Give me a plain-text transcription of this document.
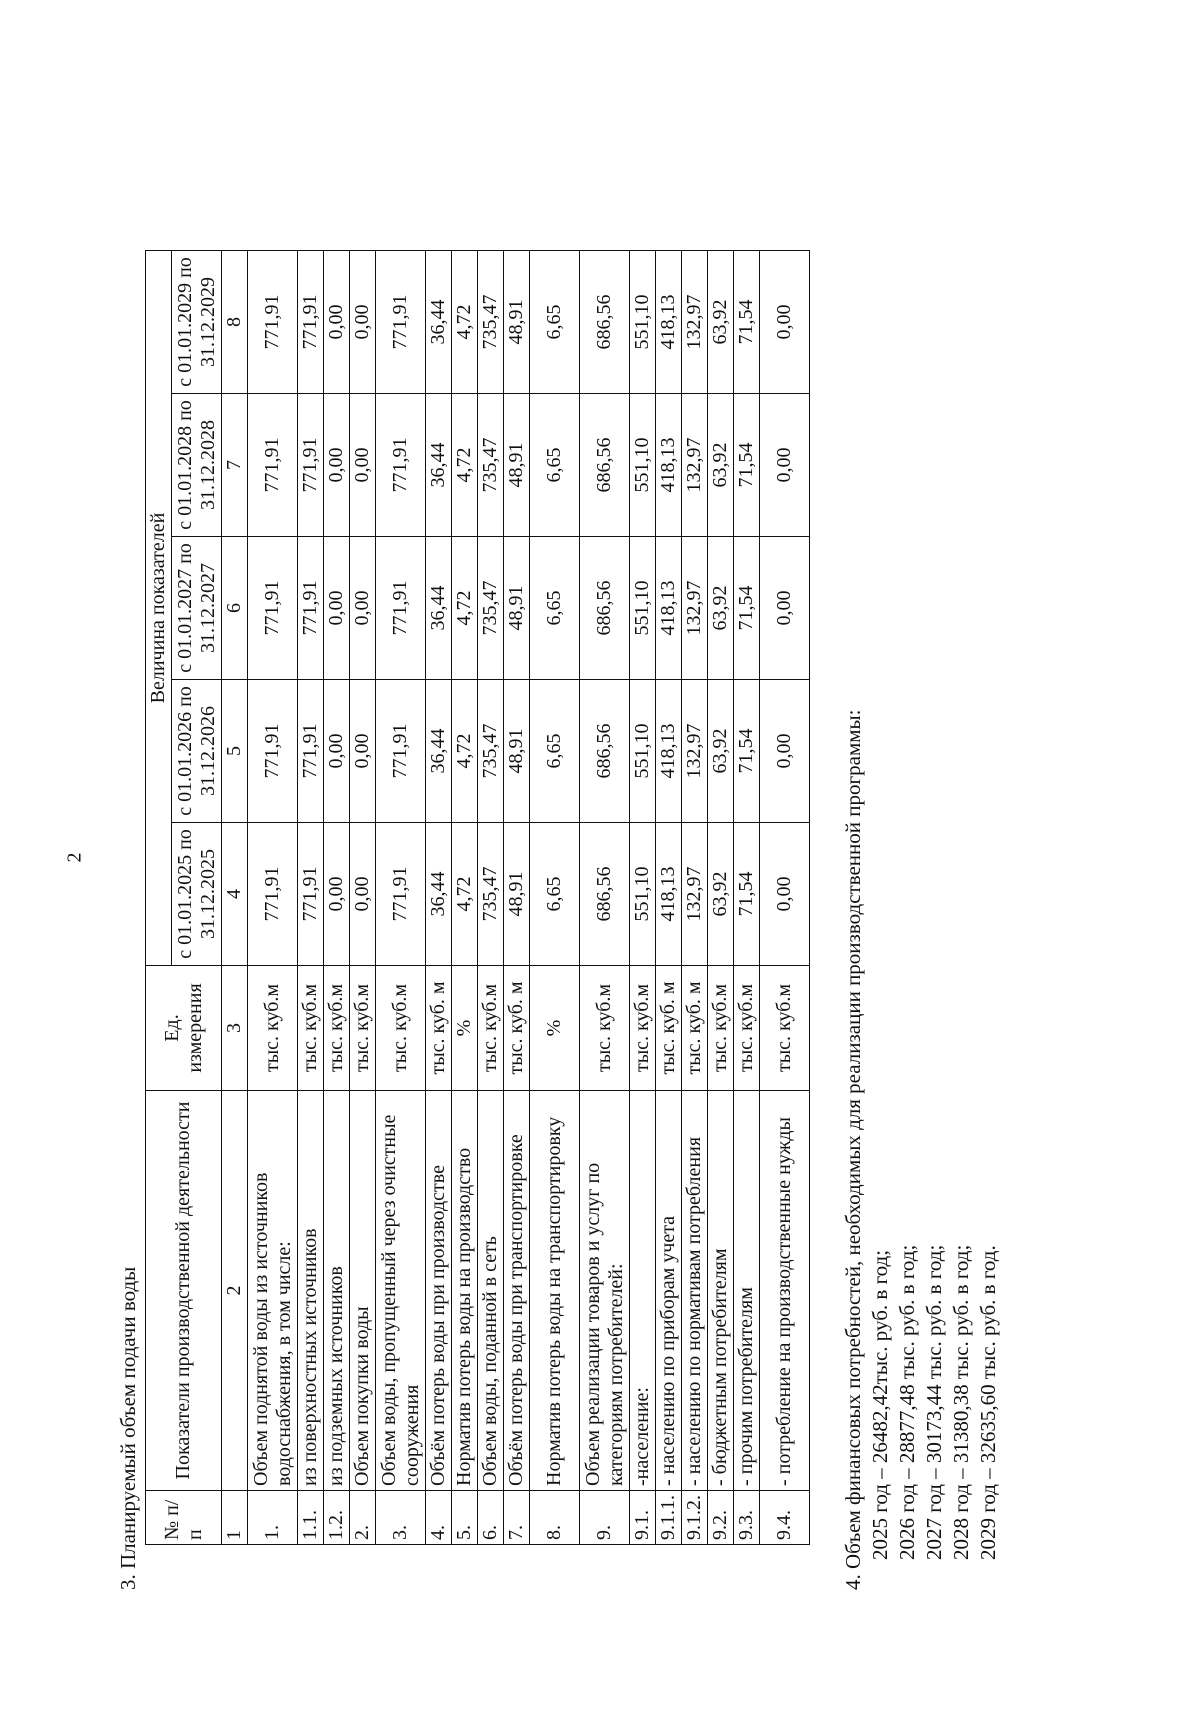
2
3. Планируемый объем подачи воды № п/п	Показатели производственной деятельности	Ед. измерения	Величина показателей				
			с 01.01.2025 по 31.12.2025	с 01.01.2026 по 31.12.2026	с 01.01.2027 по 31.12.2027	с 01.01.2028 по 31.12.2028	с 01.01.2029 по 31.12.2029
1	2	3	4	5	6	7	8
1.	Объем поднятой воды из источников водоснабжения, в том числе:	тыс. куб.м	771,91	771,91	771,91	771,91	771,91
1.1.	из поверхностных источников	тыс. куб.м	771,91	771,91	771,91	771,91	771,91
1.2.	из подземных источников	тыс. куб.м	0,00	0,00	0,00	0,00	0,00
2.	Объем покупки воды	тыс. куб.м	0,00	0,00	0,00	0,00	0,00
3.	Объем воды, пропущенный через очистные сооружения	тыс. куб.м	771,91	771,91	771,91	771,91	771,91
4.	Объём потерь воды при производстве	тыс. куб. м	36,44	36,44	36,44	36,44	36,44
5.	Норматив потерь воды на производство	%	4,72	4,72	4,72	4,72	4,72
6.	Объем воды, поданной в сеть	тыс. куб.м	735,47	735,47	735,47	735,47	735,47
7.	Объём потерь воды при транспортировке	тыс. куб. м	48,91	48,91	48,91	48,91	48,91
8.	Норматив потерь воды на транспортировку	%	6,65	6,65	6,65	6,65	6,65
9.	Объем реализации товаров и услуг по категориям потребителей:	тыс. куб.м	686,56	686,56	686,56	686,56	686,56
9.1.	-население:	тыс. куб.м	551,10	551,10	551,10	551,10	551,10
9.1.1.	- населению по приборам учета	тыс. куб. м	418,13	418,13	418,13	418,13	418,13
9.1.2.	- населению по нормативам потребления	тыс. куб. м	132,97	132,97	132,97	132,97	132,97
9.2.	- бюджетным потребителям	тыс. куб.м	63,92	63,92	63,92	63,92	63,92
9.3.	- прочим потребителям	тыс. куб.м	71,54	71,54	71,54	71,54	71,54
9.4.	- потребление на производственные нужды	тыс. куб.м	0,00	0,00	0,00	0,00	0,00
4. Объем финансовых потребностей, необходимых для реализации производственной программы: 2025 год – 26482,42тыс. руб. в год; 2026 год – 28877,48 тыс. руб. в год; 2027 год – 30173,44 тыс. руб. в год; 2028 год – 31380,38 тыс. руб. в год; 2029 год – 32635,60 тыс. руб. в год.
